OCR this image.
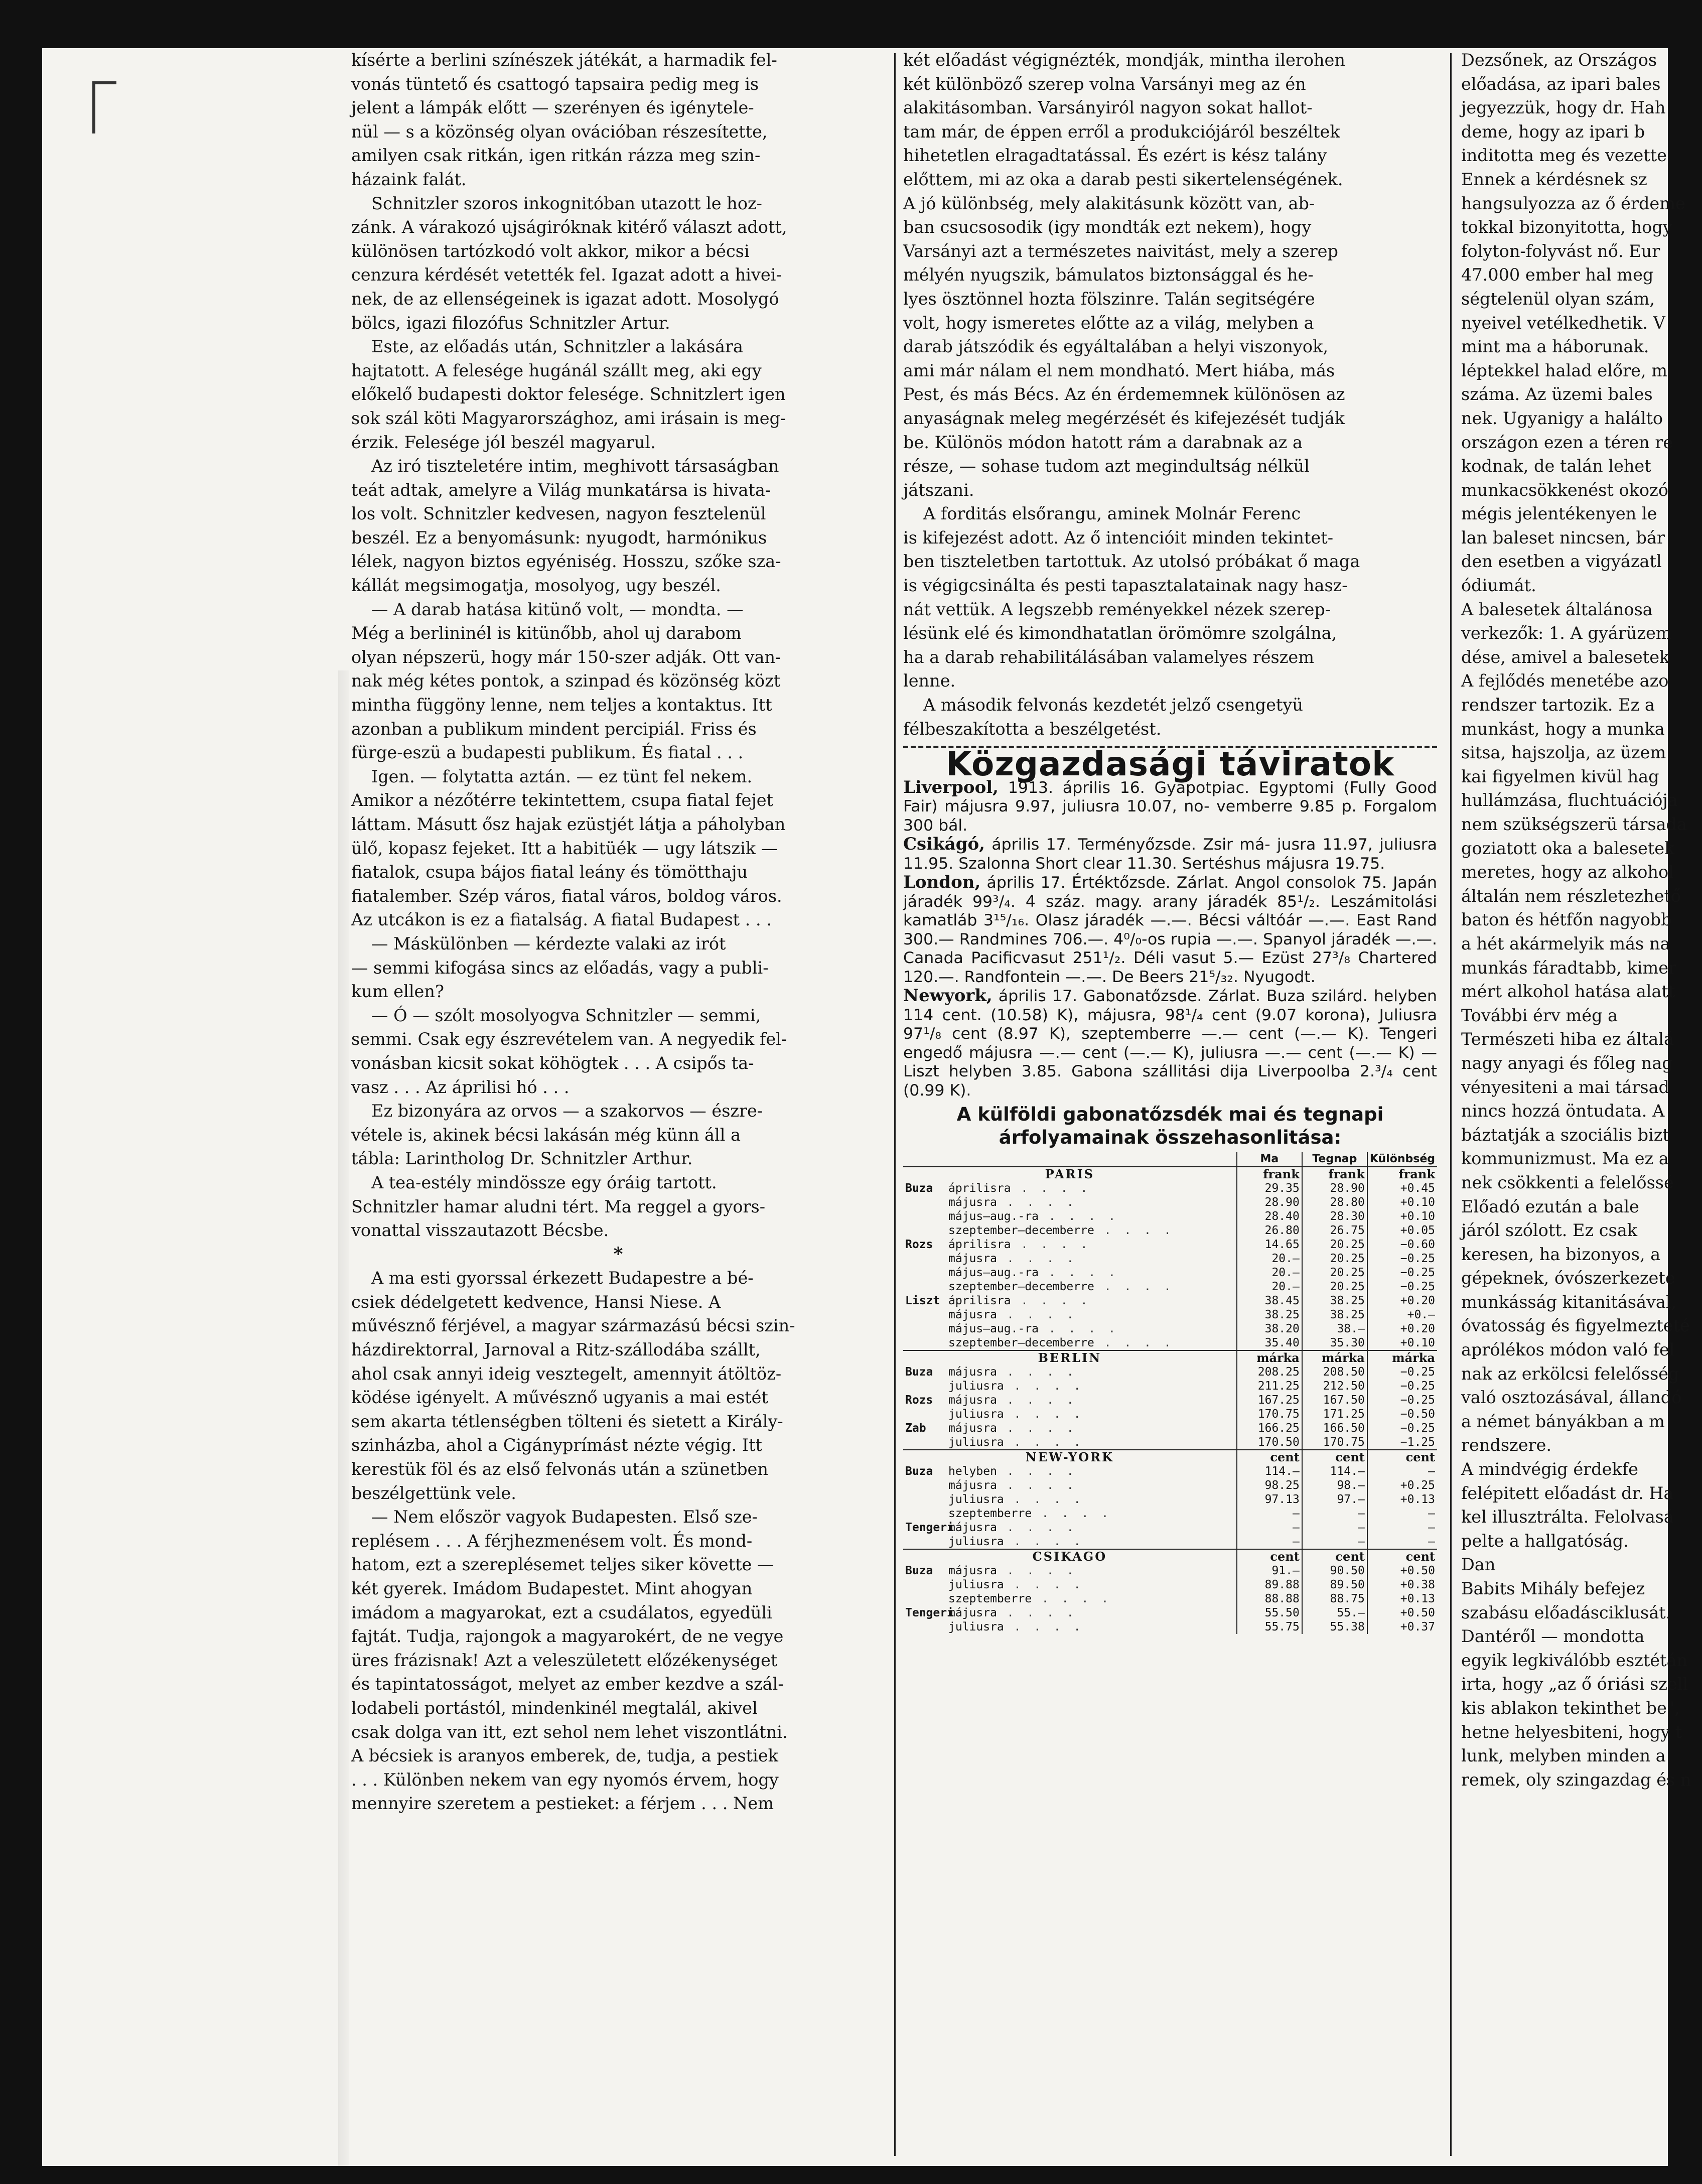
kísérte a berlini színészek játékát, a harmadik fel-

vonás tüntető és csattogó tapsaira pedig meg is

jelent a lámpák előtt — szerényen és igénytele-

nül — s a közönség olyan ovációban részesítette,

amilyen csak ritkán, igen ritkán rázza meg szin-

házaink falát.

Schnitzler szoros inkognitóban utazott le hoz-

zánk. A várakozó ujságiróknak kitérő választ adott,

különösen tartózkodó volt akkor, mikor a bécsi

cenzura kérdését vetették fel. Igazat adott a hivei-

nek, de az ellenségeinek is igazat adott. Mosolygó

bölcs, igazi filozófus Schnitzler Artur.

Este, az előadás után, Schnitzler a lakására

hajtatott. A felesége hugánál szállt meg, aki egy

előkelő budapesti doktor felesége. Schnitzlert igen

sok szál köti Magyarországhoz, ami irásain is meg-

érzik. Felesége jól beszél magyarul.

Az iró tiszteletére intim, meghivott társaságban

teát adtak, amelyre a Világ munkatársa is hivata-

los volt. Schnitzler kedvesen, nagyon fesztelenül

beszél. Ez a benyomásunk: nyugodt, harmónikus

lélek, nagyon biztos egyéniség. Hosszu, szőke sza-

kállát megsimogatja, mosolyog, ugy beszél.

— A darab hatása kitünő volt, — mondta. —

Még a berlininél is kitünőbb, ahol uj darabom

olyan népszerü, hogy már 150-szer adják. Ott van-

nak még kétes pontok, a szinpad és közönség közt

mintha függöny lenne, nem teljes a kontaktus. Itt

azonban a publikum mindent percipiál. Friss és

fürge-eszü a budapesti publikum. És fiatal . . .

Igen. — folytatta aztán. — ez tünt fel nekem.

Amikor a nézőtérre tekintettem, csupa fiatal fejet

láttam. Másutt ősz hajak ezüstjét látja a páholyban

ülő, kopasz fejeket. Itt a habitüék — ugy látszik —

fiatalok, csupa bájos fiatal leány és tömötthaju

fiatalember. Szép város, fiatal város, boldog város.

Az utcákon is ez a fiatalság. A fiatal Budapest . . .

— Máskülönben — kérdezte valaki az irót

— semmi kifogása sincs az előadás, vagy a publi-

kum ellen?

— Ó — szólt mosolyogva Schnitzler — semmi,

semmi. Csak egy észrevételem van. A negyedik fel-

vonásban kicsit sokat köhögtek . . . A csipős ta-

vasz . . . Az áprilisi hó . . .

Ez bizonyára az orvos — a szakorvos — észre-

vétele is, akinek bécsi lakásán még künn áll a

tábla: Larintholog Dr. Schnitzler Arthur.

A tea-estély mindössze egy óráig tartott.

Schnitzler hamar aludni tért. Ma reggel a gyors-

vonattal visszautazott Bécsbe.

*

A ma esti gyorssal érkezett Budapestre a bé-

csiek dédelgetett kedvence, Hansi Niese. A

művésznő férjével, a magyar származású bécsi szin-

házdirektorral, Jarnoval a Ritz-szállodába szállt,

ahol csak annyi ideig vesztegelt, amennyit átöltöz-

ködése igényelt. A művésznő ugyanis a mai estét

sem akarta tétlenségben tölteni és sietett a Király-

szinházba, ahol a Cigányprímást nézte végig. Itt

kerestük föl és az első felvonás után a szünetben

beszélgettünk vele.

— Nem először vagyok Budapesten. Első sze-

replésem . . . A férjhezmenésem volt. És mond-

hatom, ezt a szereplésemet teljes siker követte —

két gyerek. Imádom Budapestet. Mint ahogyan

imádom a magyarokat, ezt a csudálatos, egyedüli

fajtát. Tudja, rajongok a magyarokért, de ne vegye

üres frázisnak! Azt a veleszületett előzékenységet

és tapintatosságot, melyet az ember kezdve a szál-

lodabeli portástól, mindenkinél megtalál, akivel

csak dolga van itt, ezt sehol nem lehet viszontlátni.

A bécsiek is aranyos emberek, de, tudja, a pestiek

. . . Különben nekem van egy nyomós érvem, hogy

mennyire szeretem a pestieket: a férjem . . . Nem

két előadást végignézték, mondják, mintha ilerohen

két különböző szerep volna Varsányi meg az én

alakitásomban. Varsányiról nagyon sokat hallot-

tam már, de éppen erről a produkciójáról beszéltek

hihetetlen elragadtatással. És ezért is kész talány

előttem, mi az oka a darab pesti sikertelenségének.

A jó különbség, mely alakitásunk között van, ab-

ban csucsosodik (igy mondták ezt nekem), hogy

Varsányi azt a természetes naivitást, mely a szerep

mélyén nyugszik, bámulatos biztonsággal és he-

lyes ösztönnel hozta fölszinre. Talán segitségére

volt, hogy ismeretes előtte az a világ, melyben a

darab játszódik és egyáltalában a helyi viszonyok,

ami már nálam el nem mondható. Mert hiába, más

Pest, és más Bécs. Az én érdememnek különösen az

anyaságnak meleg megérzését és kifejezését tudják

be. Különös módon hatott rám a darabnak az a

része, — sohase tudom azt megindultság nélkül

játszani.

A forditás elsőrangu, aminek Molnár Ferenc

is kifejezést adott. Az ő intencióit minden tekintet-

ben tiszteletben tartottuk. Az utolsó próbákat ő maga

is végigcsinálta és pesti tapasztalatainak nagy hasz-

nát vettük. A legszebb reményekkel nézek szerep-

lésünk elé és kimondhatatlan örömömre szolgálna,

ha a darab rehabilitálásában valamelyes részem

lenne.

A második felvonás kezdetét jelző csengetyü

félbeszakította a beszélgetést.

Közgazdasági táviratok

Liverpool, 1913. április 16. Gyapotpiac. Egyptomi (Fully Good Fair) májusra 9.97, juliusra 10.07, no- vemberre 9.85 p. Forgalom 300 bál.

Csikágó, április 17. Terményőzsde. Zsir má- jusra 11.97, juliusra 11.95. Szalonna Short clear 11.30. Sertéshus májusra 19.75.

London, április 17. Értéktőzsde. Zárlat. Angol consolok 75. Japán járadék 99³/₄. 4 száz. magy. arany járadék 85¹/₂. Leszámitolási kamatláb 3¹⁵/₁₆. Olasz járadék —.—. Bécsi váltóár —.—. East Rand 300.— Randmines 706.—. 4⁰/₀-os rupia —.—. Spanyol járadék —.—. Canada Pacificvasut 251¹/₂. Déli vasut 5.— Ezüst 27³/₈ Chartered 120.—. Randfontein —.—. De Beers 21⁵/₃₂. Nyugodt.

Newyork, április 17. Gabonatőzsde. Zárlat. Buza szilárd. helyben 114 cent. (10.58) K), májusra, 98¹/₄ cent (9.07 korona), Juliusra 97¹/₈ cent (8.97 K), szeptemberre —.— cent (—.— K). Tengeri engedő májusra —.— cent (—.— K), juliusra —.— cent (—.— K) — Liszt helyben 3.85. Gabona szállitási dija Liverpoolba 2.³/₄ cent (0.99 K).

A külföldi gabonatőzsdék mai és tegnapi árfolyamainak összehasonlitása:
	Ma	Tegnap	Különbség
PARIS	frank	frank	frank
Buza áprilisra . . . .	29.35	28.90	+0.45
májusra . . . .	28.90	28.80	+0.10
május–aug.-ra . . . .	28.40	28.30	+0.10
szeptember–decemberre . . . .	26.80	26.75	+0.05
Rozs áprilisra . . . .	14.65	20.25	−0.60
májusra . . . .	20.—	20.25	−0.25
május–aug.-ra . . . .	20.—	20.25	−0.25
szeptember–decemberre . . . .	20.—	20.25	−0.25
Liszt áprilisra . . . .	38.45	38.25	+0.20
májusra . . . .	38.25	38.25	+0.—
május–aug.-ra . . . .	38.20	38.—	+0.20
szeptember–decemberre . . . .	35.40	35.30	+0.10
BERLIN	márka	márka	márka
Buza májusra . . . .	208.25	208.50	−0.25
juliusra . . . .	211.25	212.50	−0.25
Rozs májusra . . . .	167.25	167.50	−0.25
juliusra . . . .	170.75	171.25	−0.50
Zab májusra . . . .	166.25	166.50	−0.25
juliusra . . . .	170.50	170.75	−1.25
NEW-YORK	cent	cent	cent
Buza helyben . . . .	114.—	114.—	—
májusra . . . .	98.25	98.—	+0.25
juliusra . . . .	97.13	97.—	+0.13
szeptemberre . . . .	—	—	—
Tengerimájusra . . . .	—	—	—
juliusra . . . .	—	—	—
CSIKAGO	cent	cent	cent
Buza májusra . . . .	91.—	90.50	+0.50
juliusra . . . .	89.88	89.50	+0.38
szeptemberre . . . .	88.88	88.75	+0.13
Tengerimájusra . . . .	55.50	55.—	+0.50
juliusra . . . .	55.75	55.38	+0.37

Dezsőnek, az Országos

előadása, az ipari bales

jegyezzük, hogy dr. Hah

deme, hogy az ipari b

inditotta meg és vezette

Ennek a kérdésnek sz

hangsulyozza az ő érdeme

tokkal bizonyitotta, hogy

folyton-folyvást nő. Eur

47.000 ember hal meg

ségtelenül olyan szám,

nyeivel vetélkedhetik. V

mint ma a háborunak.

léptekkel halad előre, m

száma. Az üzemi bales

nek. Ugyanigy a halálto

országon ezen a téren re

kodnak, de talán lehet

munkacsökkenést okozó

mégis jelentékenyen le

lan baleset nincsen, bár

den esetben a vigyázatl

ódiumát.

A balesetek általánosa

verkezők: 1. A gyárüzem

dése, amivel a balesetek

A fejlődés menetébe azo

rendszer tartozik. Ez a

munkást, hogy a munka

sitsa, hajszolja, az üzem

kai figyelmen kivül hag

hullámzása, fluchtuációja

nem szükségszerü társada

goziatott oka a balesetek

meretes, hogy az alkohol

általán nem részletezhető

baton és hétfőn nagyobb

a hét akármelyik más na

munkás fáradtabb, kimer

mért alkohol hatása alatt

További érv még a

Természeti hiba ez általá

nagy anyagi és főleg nag

vényesiteni a mai társad

nincs hozzá öntudata. A

báztatják a szociális bizt

kommunizmust. Ma ez a

nek csökkenti a felelőssé

Előadó ezután a bale

járól szólott. Ez csak

keresen, ha bizonyos, a

gépeknek, óvószerkezete

munkásság kitanitásával,

óvatosság és figyelmezteté

aprólékos módon való fel

nak az erkölcsi felelősség

való osztozásával, állandó

a német bányákban a m

rendszere.

A mindvégig érdekfe

felépitett előadást dr. Ha

kel illusztrálta. Felolvasá

pelte a hallgatóság.

Dan

Babits Mihály befejez

szabásu előadásciklusát.

Dantéről — mondotta

egyik legkiválóbb esztétán

irta, hogy „az ő óriási szell

kis ablakon tekinthet be",

hetne helyesbiteni, hogy t

lunk, melyben minden a

remek, oly szingazdag és n
